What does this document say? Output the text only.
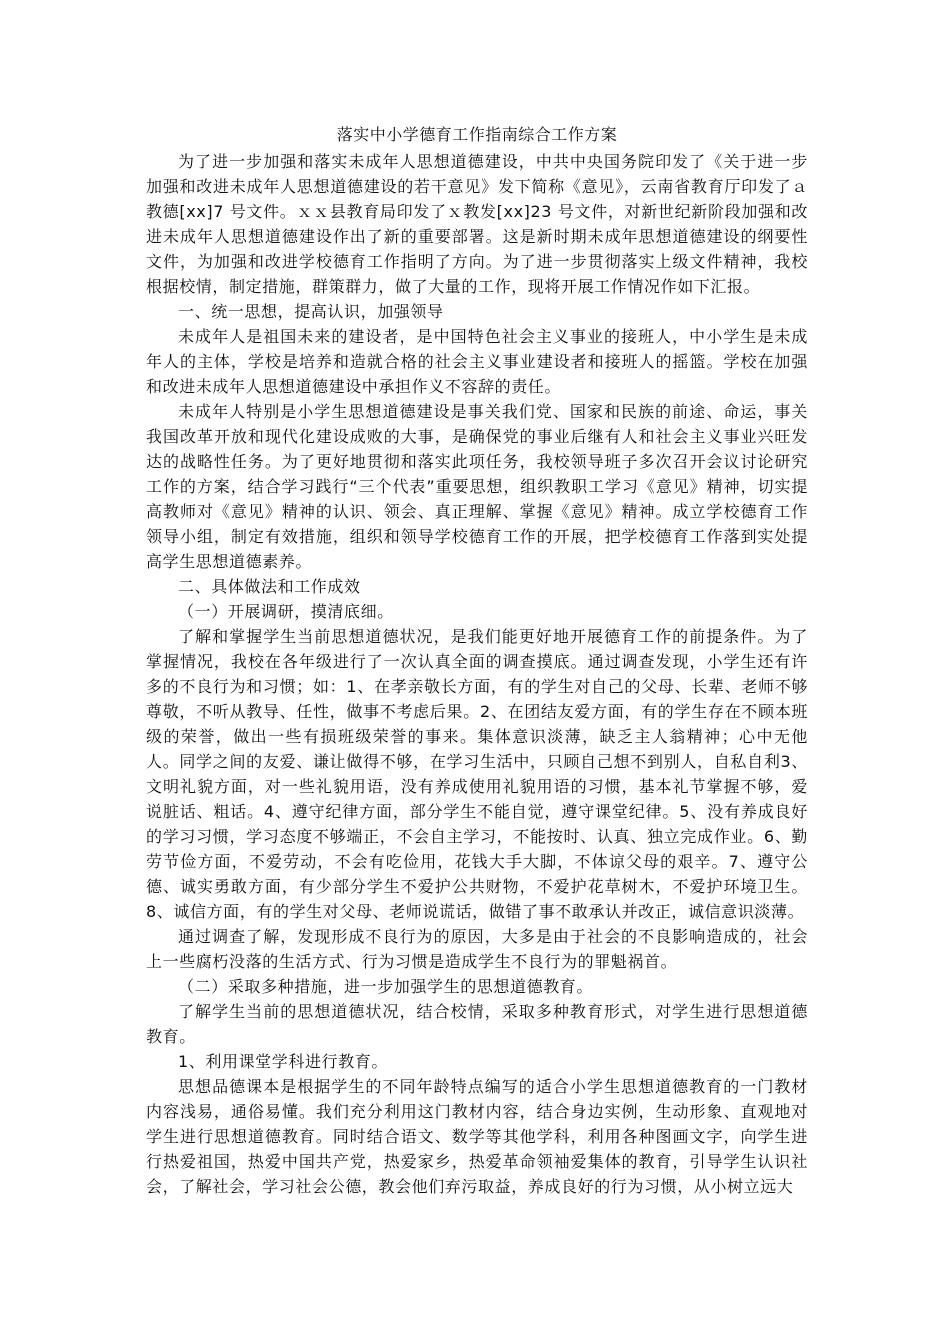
落实中小学德育工作指南综合工作方案

为了进一步加强和落实未成年人思想道德建设，中共中央国务院印发了《关于进一步加强和改进未成年人思想道德建设的若干意见》发下简称《意见》，云南省教育厅印发了ａ教德[xx]7 号文件。ｘｘ县教育局印发了ｘ教发[xx]23 号文件，对新世纪新阶段加强和改进未成年人思想道德建设作出了新的重要部署。这是新时期未成年思想道德建设的纲要性文件，为加强和改进学校德育工作指明了方向。为了进一步贯彻落实上级文件精神，我校根据校情，制定措施，群策群力，做了大量的工作，现将开展工作情况作如下汇报。

一、统一思想，提高认识，加强领导

未成年人是祖国未来的建设者，是中国特色社会主义事业的接班人，中小学生是未成年人的主体，学校是培养和造就合格的社会主义事业建设者和接班人的摇篮。学校在加强和改进未成年人思想道德建设中承担作义不容辞的责任。

未成年人特别是小学生思想道德建设是事关我们党、国家和民族的前途、命运，事关我国改革开放和现代化建设成败的大事，是确保党的事业后继有人和社会主义事业兴旺发达的战略性任务。为了更好地贯彻和落实此项任务，我校领导班子多次召开会议讨论研究工作的方案，结合学习践行“三个代表”重要思想，组织教职工学习《意见》精神，切实提高教师对《意见》精神的认识、领会、真正理解、掌握《意见》精神。成立学校德育工作领导小组，制定有效措施，组织和领导学校德育工作的开展，把学校德育工作落到实处提高学生思想道德素养。

二、具体做法和工作成效

（一）开展调研，摸清底细。

了解和掌握学生当前思想道德状况，是我们能更好地开展德育工作的前提条件。为了掌握情况，我校在各年级进行了一次认真全面的调查摸底。通过调查发现，小学生还有许多的不良行为和习惯；如：1、在孝亲敬长方面，有的学生对自己的父母、长辈、老师不够尊敬，不听从教导、任性，做事不考虑后果。2、在团结友爱方面，有的学生存在不顾本班级的荣誉，做出一些有损班级荣誉的事来。集体意识淡薄，缺乏主人翁精神；心中无他人。同学之间的友爱、谦让做得不够，在学习生活中，只顾自己想不到别人，自私自利3、文明礼貌方面，对一些礼貌用语，没有养成使用礼貌用语的习惯，基本礼节掌握不够，爱说脏话、粗话。4、遵守纪律方面，部分学生不能自觉，遵守课堂纪律。5、没有养成良好的学习习惯，学习态度不够端正，不会自主学习，不能按时、认真、独立完成作业。6、勤劳节俭方面，不爱劳动，不会有吃俭用，花钱大手大脚，不体谅父母的艰辛。7、遵守公德、诚实勇敢方面，有少部分学生不爱护公共财物，不爱护花草树木，不爱护环境卫生。8、诚信方面，有的学生对父母、老师说谎话，做错了事不敢承认并改正，诚信意识淡薄。

通过调查了解，发现形成不良行为的原因，大多是由于社会的不良影响造成的，社会上一些腐朽没落的生活方式、行为习惯是造成学生不良行为的罪魁祸首。

（二）采取多种措施，进一步加强学生的思想道德教育。

了解学生当前的思想道德状况，结合校情，采取多种教育形式，对学生进行思想道德教育。

1、利用课堂学科进行教育。

思想品德课本是根据学生的不同年龄特点编写的适合小学生思想道德教育的一门教材内容浅易，通俗易懂。我们充分利用这门教材内容，结合身边实例，生动形象、直观地对学生进行思想道德教育。同时结合语文、数学等其他学科，利用各种图画文字，向学生进行热爱祖国，热爱中国共产党，热爱家乡，热爱革命领袖爱集体的教育，引导学生认识社会，了解社会，学习社会公德，教会他们弃污取益，养成良好的行为习惯，从小树立远大
